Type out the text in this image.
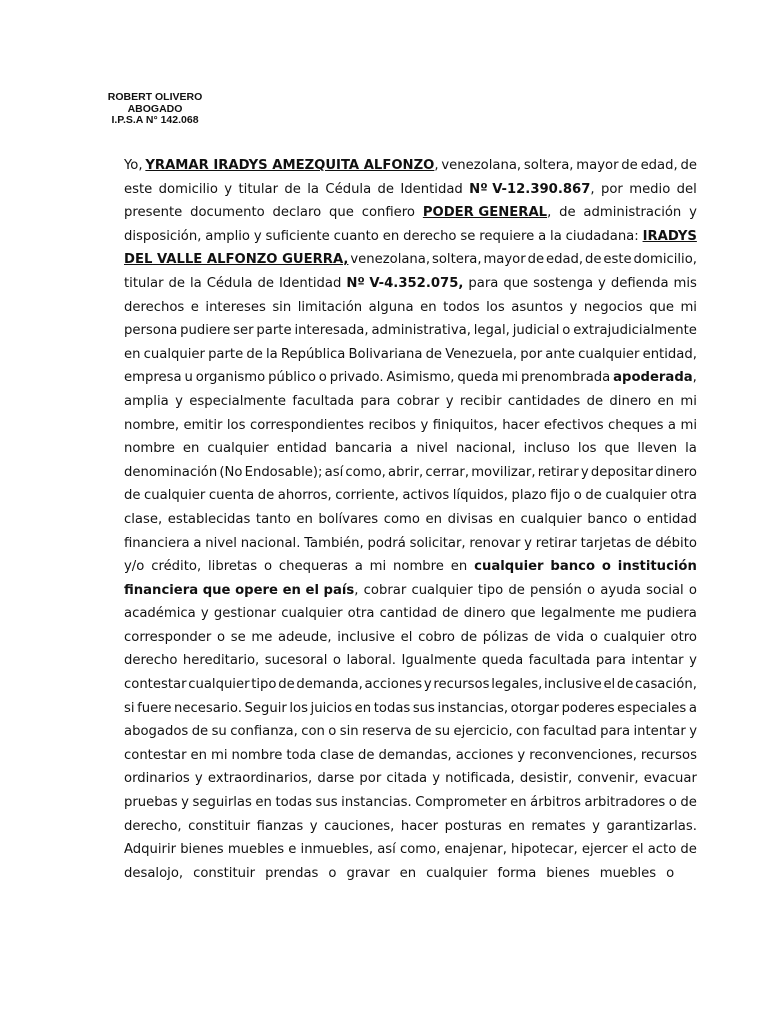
ROBERT OLIVERO
ABOGADO
I.P.S.A N° 142.068
Yo, YRAMAR IRADYS AMEZQUITA ALFONZO, venezolana, soltera, mayor de edad, de
este domicilio y titular de la Cédula de Identidad Nº V-12.390.867, por medio del
presente documento declaro que confiero PODER GENERAL, de administración y
disposición, amplio y suficiente cuanto en derecho se requiere a la ciudadana: IRADYS
DEL VALLE ALFONZO GUERRA, venezolana, soltera, mayor de edad, de este domicilio,
titular de la Cédula de Identidad Nº V-4.352.075, para que sostenga y defienda mis
derechos e intereses sin limitación alguna en todos los asuntos y negocios que mi
persona pudiere ser parte interesada, administrativa, legal, judicial o extrajudicialmente
en cualquier parte de la República Bolivariana de Venezuela, por ante cualquier entidad,
empresa u organismo público o privado. Asimismo, queda mi prenombrada apoderada,
amplia y especialmente facultada para cobrar y recibir cantidades de dinero en mi
nombre, emitir los correspondientes recibos y finiquitos, hacer efectivos cheques a mi
nombre en cualquier entidad bancaria a nivel nacional, incluso los que lleven la
denominación (No Endosable); así como, abrir, cerrar, movilizar, retirar y depositar dinero
de cualquier cuenta de ahorros, corriente, activos líquidos, plazo fijo o de cualquier otra
clase, establecidas tanto en bolívares como en divisas en cualquier banco o entidad
financiera a nivel nacional. También, podrá solicitar, renovar y retirar tarjetas de débito
y/o crédito, libretas o chequeras a mi nombre en cualquier banco o institución
financiera que opere en el país, cobrar cualquier tipo de pensión o ayuda social o
académica y gestionar cualquier otra cantidad de dinero que legalmente me pudiera
corresponder o se me adeude, inclusive el cobro de pólizas de vida o cualquier otro
derecho hereditario, sucesoral o laboral. Igualmente queda facultada para intentar y
contestar cualquier tipo de demanda, acciones y recursos legales, inclusive el de casación,
si fuere necesario. Seguir los juicios en todas sus instancias, otorgar poderes especiales a
abogados de su confianza, con o sin reserva de su ejercicio, con facultad para intentar y
contestar en mi nombre toda clase de demandas, acciones y reconvenciones, recursos
ordinarios y extraordinarios, darse por citada y notificada, desistir, convenir, evacuar
pruebas y seguirlas en todas sus instancias. Comprometer en árbitros arbitradores o de
derecho, constituir fianzas y cauciones, hacer posturas en remates y garantizarlas.
Adquirir bienes muebles e inmuebles, así como, enajenar, hipotecar, ejercer el acto de
desalojo, constituir prendas o gravar en cualquier forma bienes muebles o
